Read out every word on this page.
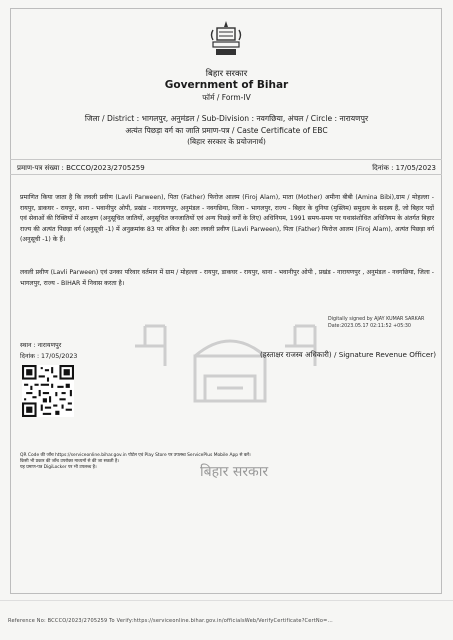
बिहार सरकार
Government of Bihar
फॉर्म / Form-IV
जिला / District : भागलपुर, अनुमंडल / Sub-Division : नवगछिया, अंचल / Circle : नारायणपुर
अत्यंत पिछड़ा वर्ग का जाति प्रमाण-पत्र / Caste Certificate of EBC
(बिहार सरकार के प्रयोजनार्थ)
प्रमाण-पत्र संख्या : BCCCO/2023/2705259	दिनांक : 17/05/2023
प्रमाणित किया जाता है कि लवली प्रवीण (Lavli Parween), पिता (Father) फिरोज आलम (Firoj Alam), माता (Mother) अमीना बीबी (Amina Bibi),ग्राम / मोहल्ला - रायपुर, डाकघर - रायपुर, थाना - भवानीपुर ओपी, प्रखंड - नारायणपुर, अनुमंडल - नवगछिया, जिला - भागलपुर, राज्य - बिहार के धुनिया (मुस्लिम) समुदाय के सदस्य हैं, जो बिहार पदों एवं सेवाओं की रिक्तियों में आरक्षण (अनुसूचित जातियों, अनुसूचित जनजातियों एवं अन्य पिछड़े वर्गों के लिए) अधिनियम, 1991 समय-समय पर यथासंशोधित अधिनियम के अंतर्गत बिहार राज्य की अत्यंत पिछड़ा वर्ग (अनुसूची -1) में अनुक्रमांक 83 पर अंकित है। अतः लवली प्रवीण (Lavli Parween), पिता (Father) फिरोज आलम (Firoj Alam), अत्यंत पिछड़ा वर्ग (अनुसूची -1) के हैं।
लवली प्रवीण (Lavli Parween) एवं उनका परिवार वर्तमान में ग्राम / मोहल्ला - रायपुर, डाकघर - रायपुर, थाना - भवानीपुर ओपी , प्रखंड - नारायणपुर , अनुमंडल - नवगछिया, जिला - भागलपुर, राज्य - BIHAR में निवास करता है।
बिहार सरकार
Digitally signed by AJAY KUMAR SARKAR
Date:2023.05.17 02:11:52 +05:30
स्थान : नारायणपुर
दिनांक : 17/05/2023	(हस्ताक्षर राजस्व अधिकारी) / Signature Revenue Officer)
QR Code की जाँच https://serviceonline.bihar.gov.in पोर्टल एवं Play Store पर उपलब्ध ServicePlus Mobile App से करें।
किसी भी प्रकार की जाँच उपरोक्त माध्यमों से की जा सकती है।
यह प्रमाण-पत्र DigiLocker पर भी उपलब्ध है।
Reference No: BCCCO/2023/2705259 To Verify:https://serviceonline.bihar.gov.in/officialsWeb/VerifyCertificate?CertNo=...
